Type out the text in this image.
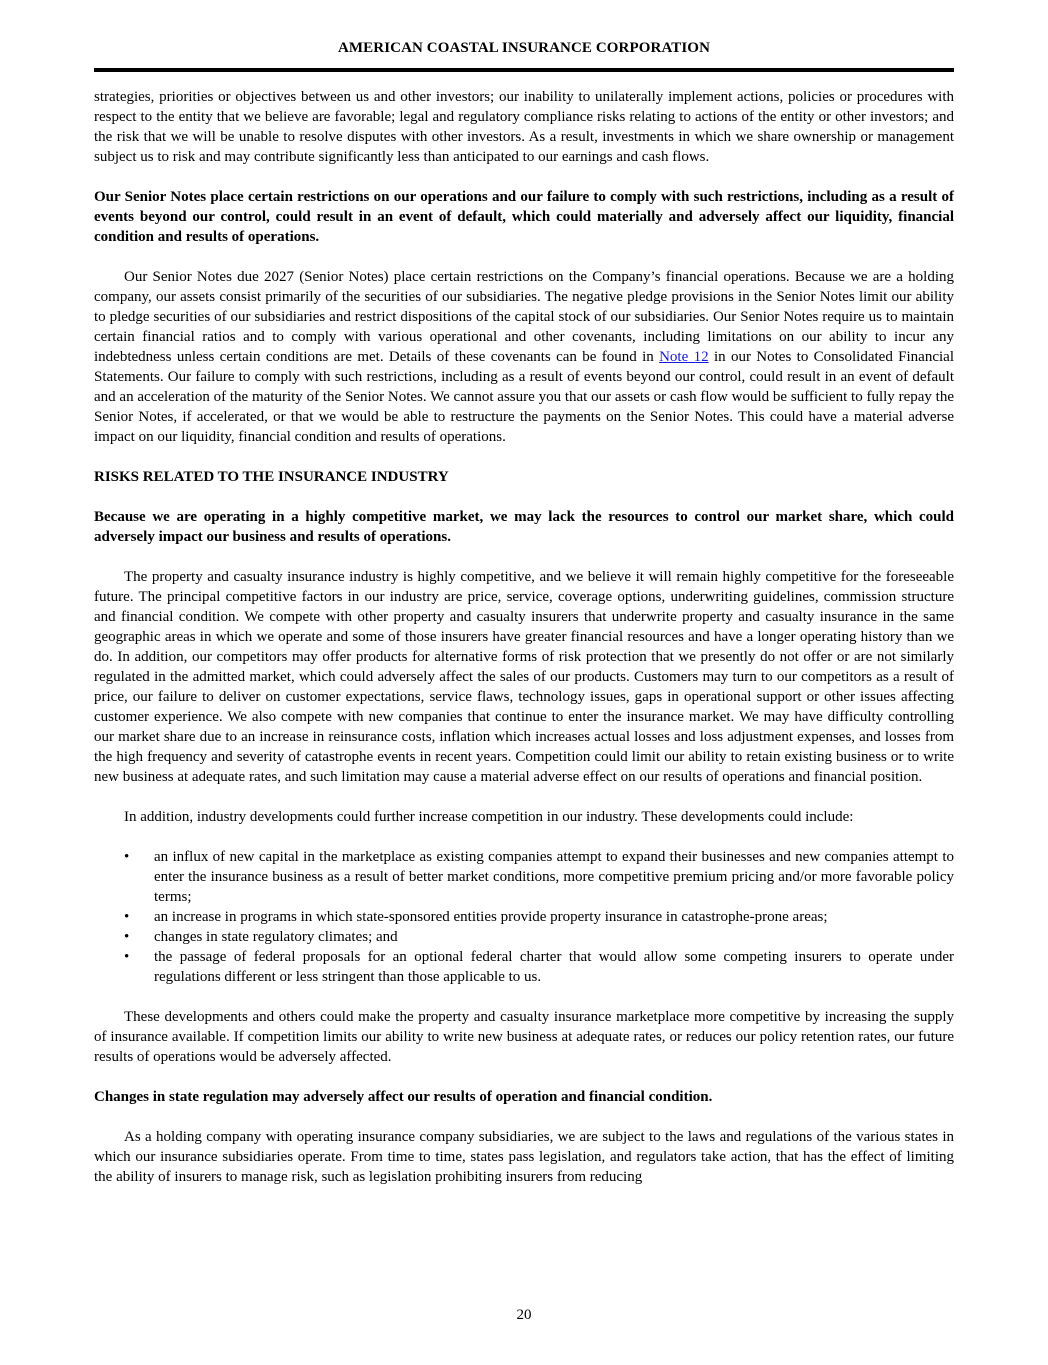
AMERICAN COASTAL INSURANCE CORPORATION

strategies, priorities or objectives between us and other investors; our inability to unilaterally implement actions, policies or procedures with respect to the entity that we believe are favorable; legal and regulatory compliance risks relating to actions of the entity or other investors; and the risk that we will be unable to resolve disputes with other investors. As a result, investments in which we share ownership or management subject us to risk and may contribute significantly less than anticipated to our earnings and cash flows.

Our Senior Notes place certain restrictions on our operations and our failure to comply with such restrictions, including as a result of events beyond our control, could result in an event of default, which could materially and adversely affect our liquidity, financial condition and results of operations.

Our Senior Notes due 2027 (Senior Notes) place certain restrictions on the Company’s financial operations. Because we are a holding company, our assets consist primarily of the securities of our subsidiaries. The negative pledge provisions in the Senior Notes limit our ability to pledge securities of our subsidiaries and restrict dispositions of the capital stock of our subsidiaries. Our Senior Notes require us to maintain certain financial ratios and to comply with various operational and other covenants, including limitations on our ability to incur any indebtedness unless certain conditions are met. Details of these covenants can be found in Note 12 in our Notes to Consolidated Financial Statements. Our failure to comply with such restrictions, including as a result of events beyond our control, could result in an event of default and an acceleration of the maturity of the Senior Notes. We cannot assure you that our assets or cash flow would be sufficient to fully repay the Senior Notes, if accelerated, or that we would be able to restructure the payments on the Senior Notes. This could have a material adverse impact on our liquidity, financial condition and results of operations.

RISKS RELATED TO THE INSURANCE INDUSTRY

Because we are operating in a highly competitive market, we may lack the resources to control our market share, which could adversely impact our business and results of operations.

The property and casualty insurance industry is highly competitive, and we believe it will remain highly competitive for the foreseeable future. The principal competitive factors in our industry are price, service, coverage options, underwriting guidelines, commission structure and financial condition. We compete with other property and casualty insurers that underwrite property and casualty insurance in the same geographic areas in which we operate and some of those insurers have greater financial resources and have a longer operating history than we do. In addition, our competitors may offer products for alternative forms of risk protection that we presently do not offer or are not similarly regulated in the admitted market, which could adversely affect the sales of our products. Customers may turn to our competitors as a result of price, our failure to deliver on customer expectations, service flaws, technology issues, gaps in operational support or other issues affecting customer experience. We also compete with new companies that continue to enter the insurance market. We may have difficulty controlling our market share due to an increase in reinsurance costs, inflation which increases actual losses and loss adjustment expenses, and losses from the high frequency and severity of catastrophe events in recent years. Competition could limit our ability to retain existing business or to write new business at adequate rates, and such limitation may cause a material adverse effect on our results of operations and financial position.

In addition, industry developments could further increase competition in our industry. These developments could include:

• an influx of new capital in the marketplace as existing companies attempt to expand their businesses and new companies attempt to enter the insurance business as a result of better market conditions, more competitive premium pricing and/or more favorable policy terms;
• an increase in programs in which state-sponsored entities provide property insurance in catastrophe-prone areas;
• changes in state regulatory climates; and
• the passage of federal proposals for an optional federal charter that would allow some competing insurers to operate under regulations different or less stringent than those applicable to us.

These developments and others could make the property and casualty insurance marketplace more competitive by increasing the supply of insurance available. If competition limits our ability to write new business at adequate rates, or reduces our policy retention rates, our future results of operations would be adversely affected.

Changes in state regulation may adversely affect our results of operation and financial condition.

As a holding company with operating insurance company subsidiaries, we are subject to the laws and regulations of the various states in which our insurance subsidiaries operate. From time to time, states pass legislation, and regulators take action, that has the effect of limiting the ability of insurers to manage risk, such as legislation prohibiting insurers from reducing

20
